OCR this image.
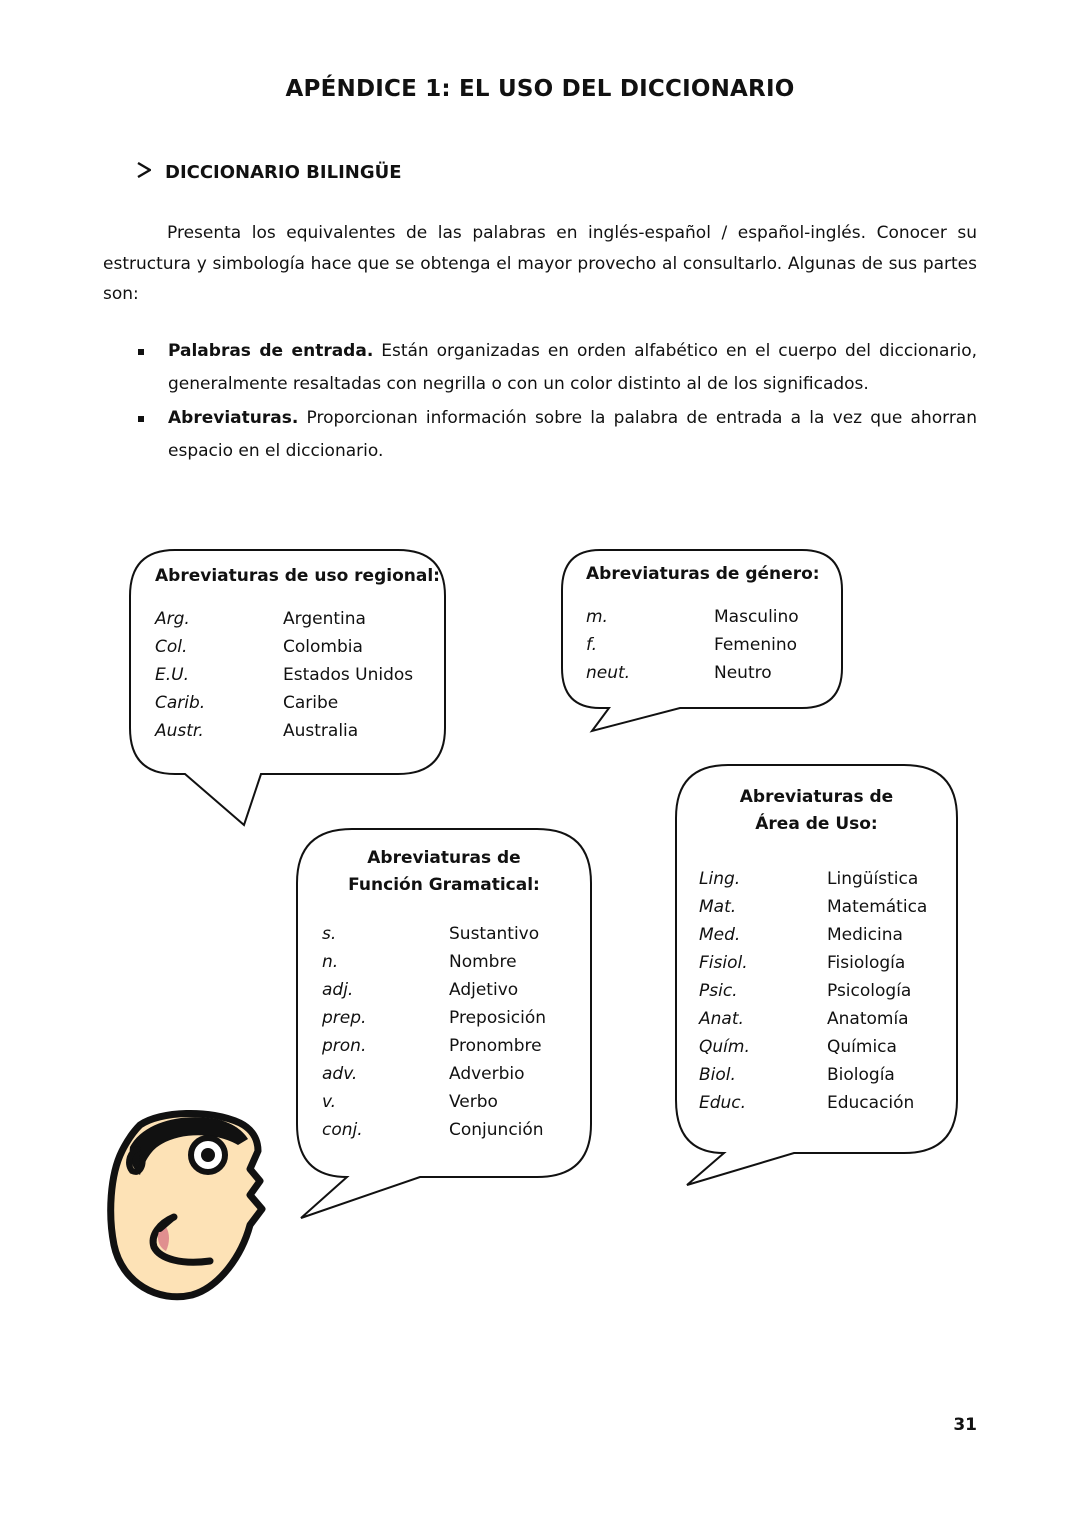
APÉNDICE 1: EL USO DEL DICCIONARIO
DICCIONARIO BILINGÜE
Presenta los equivalentes de las palabras en inglés-español / español-inglés. Conocer su estructura y simbología hace que se obtenga el mayor provecho al consultarlo. Algunas de sus partes son:
Palabras de entrada. Están organizadas en orden alfabético en el cuerpo del diccionario, generalmente resaltadas con negrilla o con un color distinto al de los significados.
Abreviaturas. Proporcionan información sobre la palabra de entrada a la vez que ahorran espacio en el diccionario.
Abreviaturas de uso regional:
Arg.	Argentina
Col.	Colombia
E.U.	Estados Unidos
Carib.	Caribe
Austr.	Australia
Abreviaturas de género:
m.	Masculino
f.	Femenino
neut.	Neutro
Abreviaturas de
Función Gramatical:
s.	Sustantivo
n.	Nombre
adj.	Adjetivo
prep.	Preposición
pron.	Pronombre
adv.	Adverbio
v.	Verbo
conj.	Conjunción
Abreviaturas de
Área de Uso:
Ling.	Lingüística
Mat.	Matemática
Med.	Medicina
Fisiol.	Fisiología
Psic.	Psicología
Anat.	Anatomía
Quím.	Química
Biol.	Biología
Educ.	Educación
31
